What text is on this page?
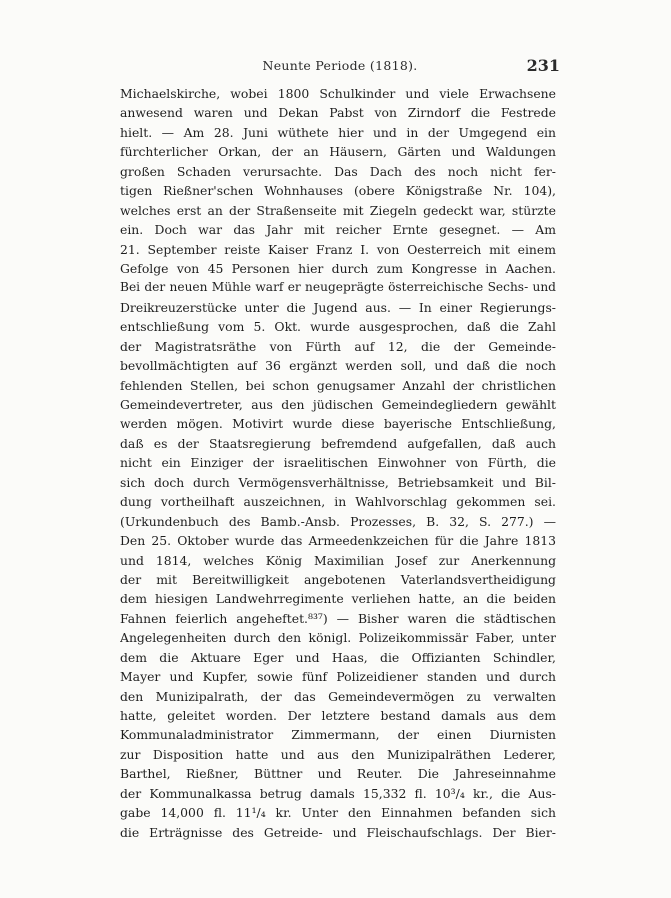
Neunte Periode (1818).	231
Michaelskirche, wobei 1800 Schulkinder und viele Erwachsene
anwesend waren und Dekan Pabst von Zirndorf die Festrede
hielt. — Am 28. Juni wüthete hier und in der Umgegend ein
fürchterlicher Orkan, der an Häusern, Gärten und Waldungen
großen Schaden verursachte. Das Dach des noch nicht fer-
tigen Rießner'schen Wohnhauses (obere Königstraße Nr. 104),
welches erst an der Straßenseite mit Ziegeln gedeckt war, stürzte
ein. Doch war das Jahr mit reicher Ernte gesegnet. — Am
21. September reiste Kaiser Franz I. von Oesterreich mit einem
Gefolge von 45 Personen hier durch zum Kongresse in Aachen.
Bei der neuen Mühle warf er neugeprägte österreichische Sechs- und
Dreikreuzerstücke unter die Jugend aus. — In einer Regierungs-
entschließung vom 5. Okt. wurde ausgesprochen, daß die Zahl
der Magistratsräthe von Fürth auf 12, die der Gemeinde-
bevollmächtigten auf 36 ergänzt werden soll, und daß die noch
fehlenden Stellen, bei schon genugsamer Anzahl der christlichen
Gemeindevertreter, aus den jüdischen Gemeindegliedern gewählt
werden mögen. Motivirt wurde diese bayerische Entschließung,
daß es der Staatsregierung befremdend aufgefallen, daß auch
nicht ein Einziger der israelitischen Einwohner von Fürth, die
sich doch durch Vermögensverhältnisse, Betriebsamkeit und Bil-
dung vortheilhaft auszeichnen, in Wahlvorschlag gekommen sei.
(Urkundenbuch des Bamb.-Ansb. Prozesses, B. 32, S. 277.) —
Den 25. Oktober wurde das Armeedenkzeichen für die Jahre 1813
und 1814, welches König Maximilian Josef zur Anerkennung
der mit Bereitwilligkeit angebotenen Vaterlandsvertheidigung
dem hiesigen Landwehrregimente verliehen hatte, an die beiden
Fahnen feierlich angeheftet.⁸³⁷) — Bisher waren die städtischen
Angelegenheiten durch den königl. Polizeikommissär Faber, unter
dem die Aktuare Eger und Haas, die Offizianten Schindler,
Mayer und Kupfer, sowie fünf Polizeidiener standen und durch
den Munizipalrath, der das Gemeindevermögen zu verwalten
hatte, geleitet worden. Der letztere bestand damals aus dem
Kommunaladministrator Zimmermann, der einen Diurnisten
zur Disposition hatte und aus den Munizipalräthen Lederer,
Barthel, Rießner, Büttner und Reuter. Die Jahreseinnahme
der Kommunalkassa betrug damals 15,332 fl. 10³/₄ kr., die Aus-
gabe 14,000 fl. 11¹/₄ kr. Unter den Einnahmen befanden sich
die Erträgnisse des Getreide- und Fleischaufschlags. Der Bier-
